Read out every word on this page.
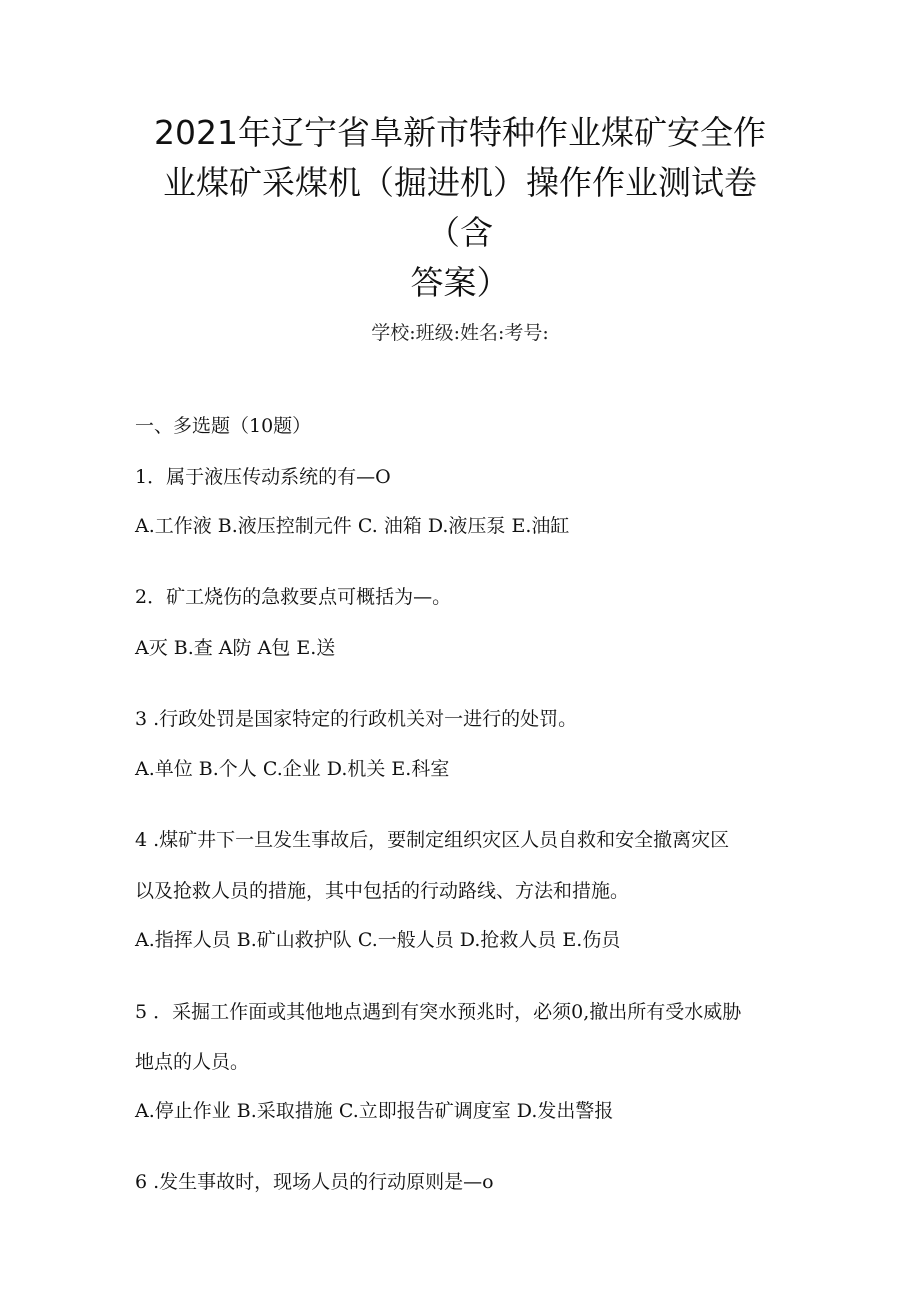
2021年辽宁省阜新市特种作业煤矿安全作
业煤矿采煤机（掘进机）操作作业测试卷
（含
答案）
学校:班级:姓名:考号:
一、多选题（10题）
1．属于液压传动系统的有—O
A.工作液 B.液压控制元件 C. 油箱 D.液压泵 E.油缸
2．矿工烧伤的急救要点可概括为—。
A灭 B.查 A防 A包 E.送
3 .行政处罚是国家特定的行政机关对一进行的处罚。
A.单位 B.个人 C.企业 D.机关 E.科室
4 .煤矿井下一旦发生事故后，要制定组织灾区人员自救和安全撤离灾区
以及抢救人员的措施，其中包括的行动路线、方法和措施。
A.指挥人员 B.矿山救护队 C.一般人员 D.抢救人员 E.伤员
5 ．采掘工作面或其他地点遇到有突水预兆时，必须0,撤出所有受水威胁
地点的人员。
A.停止作业 B.采取措施 C.立即报告矿调度室 D.发出警报
6 .发生事故时，现场人员的行动原则是—o
